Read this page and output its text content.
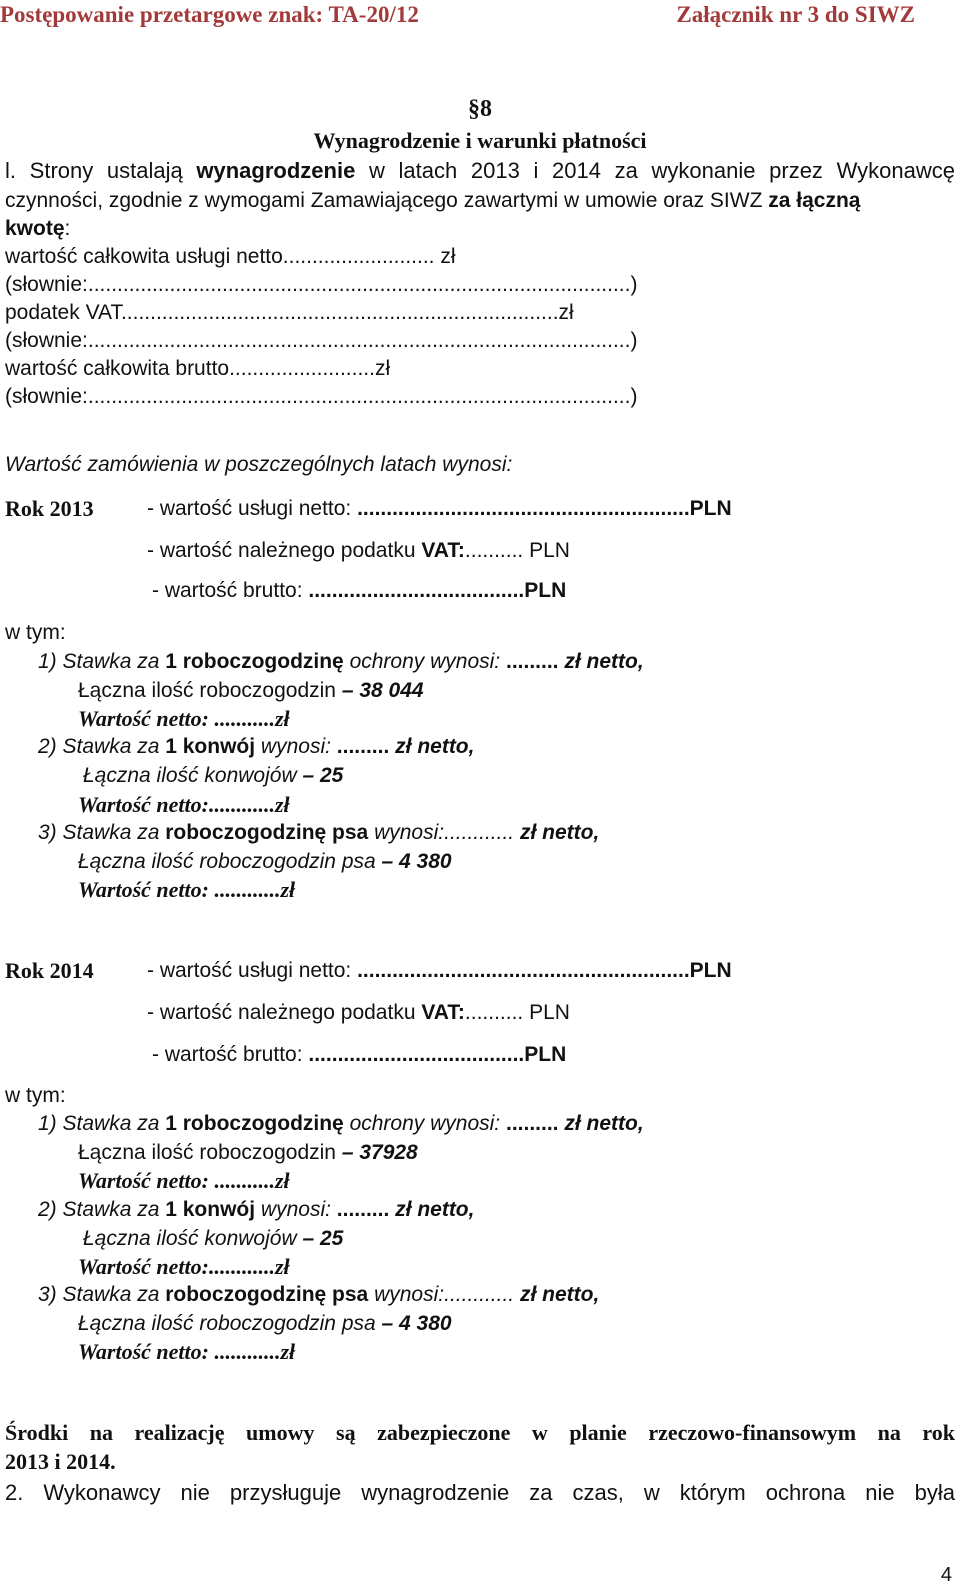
Postępowanie przetargowe znak: TA-20/12	Załącznik nr 3 do SIWZ
§8
Wynagrodzenie i warunki płatności
l. Strony ustalają wynagrodzenie w latach 2013 i 2014 za wykonanie przez Wykonawcę
czynności, zgodnie z wymogami Zamawiającego zawartymi w umowie oraz SIWZ za łączną
kwotę:
wartość całkowita usługi netto.......................... zł
(słownie:.............................................................................................)
podatek VAT...........................................................................zł
(słownie:.............................................................................................)
wartość całkowita brutto.........................zł
(słownie:.............................................................................................)
Wartość zamówienia w poszczególnych latach wynosi:
Rok 2013	- wartość usługi netto: .........................................................PLN
- wartość należnego podatku VAT:.......... PLN
- wartość brutto: .....................................PLN
w tym:
1) Stawka za 1 roboczogodzinę ochrony wynosi: ......... zł netto,
Łączna ilość roboczogodzin – 38 044
Wartość netto: ...........zł
2) Stawka za 1 konwój wynosi: ......... zł netto,
Łączna ilość konwojów – 25
Wartość netto:............zł
3) Stawka za roboczogodzinę psa wynosi:............ zł netto,
Łączna ilość roboczogodzin psa – 4 380
Wartość netto: ............zł
Rok 2014	- wartość usługi netto: .........................................................PLN
- wartość należnego podatku VAT:.......... PLN
- wartość brutto: .....................................PLN
w tym:
1) Stawka za 1 roboczogodzinę ochrony wynosi: ......... zł netto,
Łączna ilość roboczogodzin – 37928
Wartość netto: ...........zł
2) Stawka za 1 konwój wynosi: ......... zł netto,
Łączna ilość konwojów – 25
Wartość netto:............zł
3) Stawka za roboczogodzinę psa wynosi:............ zł netto,
Łączna ilość roboczogodzin psa – 4 380
Wartość netto: ............zł
Środki na realizację umowy są zabezpieczone w planie rzeczowo-finansowym na rok
2013 i 2014.
2. Wykonawcy nie przysługuje wynagrodzenie za czas, w którym ochrona nie była
4
